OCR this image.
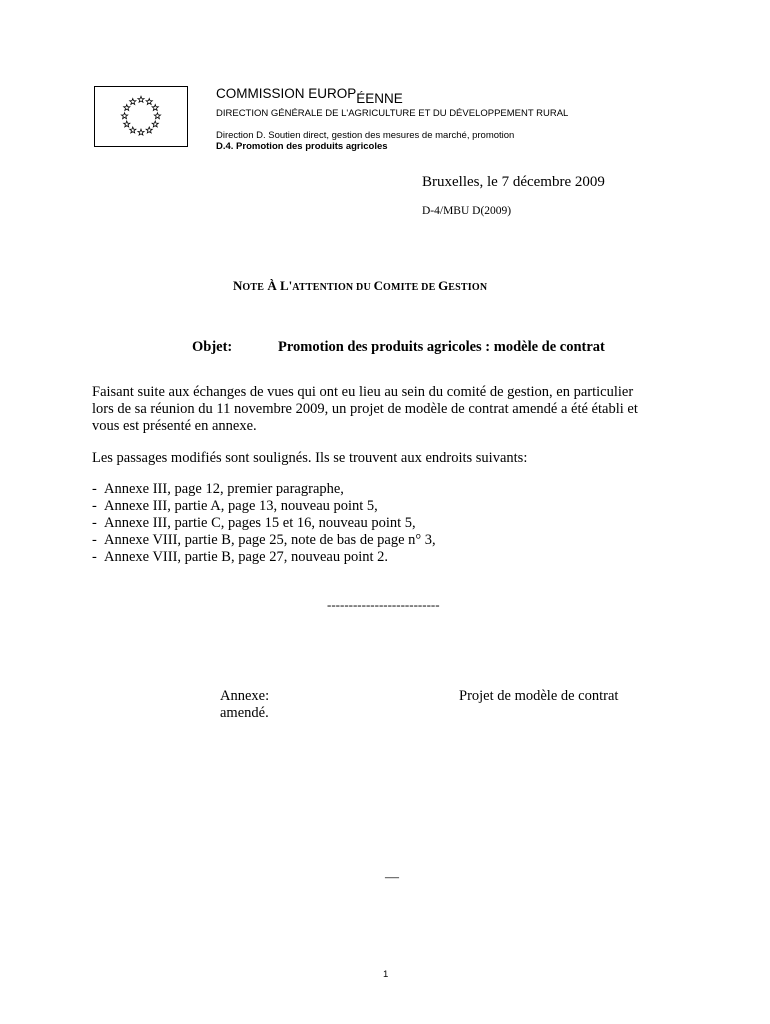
COMMISSION EUROPÉENNE
DIRECTION GÉNÉRALE DE L'AGRICULTURE ET DU DÉVELOPPEMENT RURAL
Direction D. Soutien direct, gestion des mesures de marché, promotion
D.4. Promotion des produits agricoles
Bruxelles, le 7 décembre 2009
D-4/MBU D(2009)
NOTE À L'ATTENTION DU COMITE DE GESTION
Objet:	Promotion des produits agricoles : modèle de contrat
Faisant suite aux échanges de vues qui ont eu lieu au sein du comité de gestion, en particulier
lors de sa réunion du 11 novembre 2009, un projet de modèle de contrat amendé a été établi et
vous est présenté en annexe.
Les passages modifiés sont soulignés. Ils se trouvent aux endroits suivants:
- Annexe III, page 12, premier paragraphe,
- Annexe III, partie A, page 13, nouveau point 5,
- Annexe III, partie C, pages 15 et 16, nouveau point 5,
- Annexe VIII, partie B, page 25, note de bas de page n° 3,
- Annexe VIII, partie B, page 27, nouveau point 2.
--------------------------
Annexe:
amendé.
Projet de modèle de contrat
—
1
